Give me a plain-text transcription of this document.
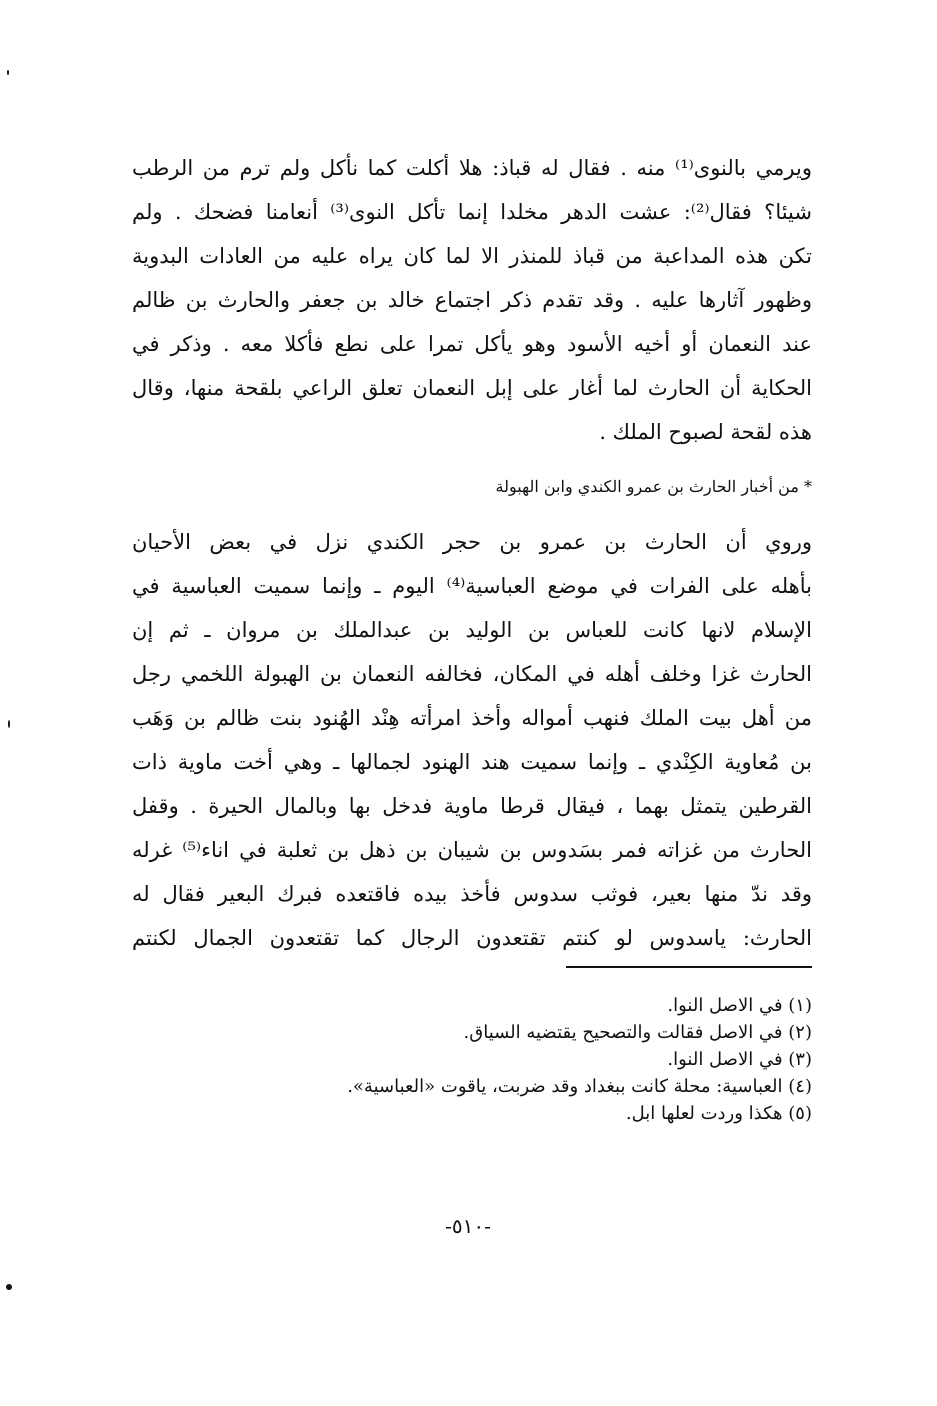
ويرمي بالنوى⁽¹⁾ منه . فقال له قباذ: هلا أكلت كما نأكل ولم ترم من الرطب
شيئا؟ فقال⁽²⁾: عشت الدهر مخلدا إنما تأكل النوى⁽³⁾ أنعامنا فضحك . ولم
تكن هذه المداعبة من قباذ للمنذر الا لما كان يراه عليه من العادات البدوية
وظهور آثارها عليه . وقد تقدم ذكر اجتماع خالد بن جعفر والحارث بن ظالم
عند النعمان أو أخيه الأسود وهو يأكل تمرا على نطع فأكلا معه . وذكر في
الحكاية أن الحارث لما أغار على إبل النعمان تعلق الراعي بلقحة منها، وقال
هذه لقحة لصبوح الملك .
* من أخبار الحارث بن عمرو الكندي وابن الهبولة
وروي أن الحارث بن عمرو بن حجر الكندي نزل في بعض الأحيان
بأهله على الفرات في موضع العباسية⁽⁴⁾ اليوم ـ وإنما سميت العباسية في
الإسلام لانها كانت للعباس بن الوليد بن عبدالملك بن مروان ـ ثم إن
الحارث غزا وخلف أهله في المكان، فخالفه النعمان بن الهبولة اللخمي رجل
من أهل بيت الملك فنهب أمواله وأخذ امرأته هِنْد الهُنود بنت ظالم بن وَهَب
بن مُعاوية الكِنْدي ـ وإنما سميت هند الهنود لجمالها ـ وهي أخت ماوية ذات
القرطين يتمثل بهما ، فيقال قرطا ماوية فدخل بها وبالمال الحيرة . وقفل
الحارث من غزاته فمر بسَدوس بن شيبان بن ذهل بن ثعلبة في اناء⁽⁵⁾ غرله
وقد ندّ منها بعير، فوثب سدوس فأخذ بيده فاقتعده فبرك البعير فقال له
الحارث: ياسدوس لو كنتم تقتعدون الرجال كما تقتعدون الجمال لكنتم
(١) في الاصل النوا.
(٢) في الاصل فقالت والتصحيح يقتضيه السياق.
(٣) في الاصل النوا.
(٤) العباسية: محلة كانت ببغداد وقد ضربت، ياقوت «العباسية».
(٥) هكذا وردت لعلها ابل.
-٥١٠-
